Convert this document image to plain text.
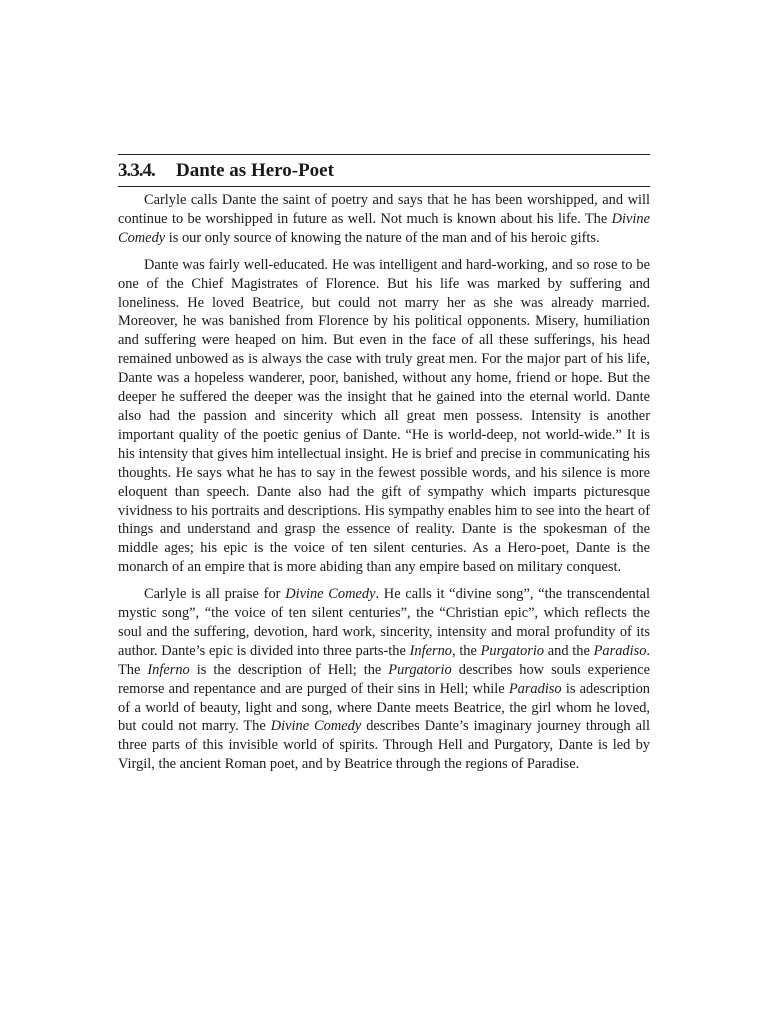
3.3.4.	Dante as Hero-Poet

Carlyle calls Dante the saint of poetry and says that he has been worshipped, and will continue to be worshipped in future as well. Not much is known about his life. The Divine Comedy is our only source of knowing the nature of the man and of his heroic gifts.

Dante was fairly well-educated. He was intelligent and hard-working, and so rose to be one of the Chief Magistrates of Florence. But his life was marked by suffering and loneliness. He loved Beatrice, but could not marry her as she was already married. Moreover, he was banished from Florence by his political opponents. Misery, humiliation and suffering were heaped on him. But even in the face of all these sufferings, his head remained unbowed as is always the case with truly great men. For the major part of his life, Dante was a hopeless wanderer, poor, banished, without any home, friend or hope. But the deeper he suffered the deeper was the insight that he gained into the eternal world. Dante also had the passion and sincerity which all great men possess. Intensity is another important quality of the poetic genius of Dante. “He is world-deep, not world-wide.” It is his intensity that gives him intellectual insight. He is brief and precise in communicating his thoughts. He says what he has to say in the fewest possible words, and his silence is more eloquent than speech. Dante also had the gift of sympathy which imparts picturesque vividness to his portraits and descriptions. His sympathy enables him to see into the heart of things and understand and grasp the essence of reality. Dante is the spokesman of the middle ages; his epic is the voice of ten silent centuries. As a Hero-poet, Dante is the monarch of an empire that is more abiding than any empire based on military conquest.

Carlyle is all praise for Divine Comedy. He calls it “divine song”, “the transcendental mystic song”, “the voice of ten silent centuries”, the “Christian epic”, which reflects the soul and the suffering, devotion, hard work, sincerity, intensity and moral profundity of its author. Dante’s epic is divided into three parts-the Inferno, the Purgatorio and the Paradiso. The Inferno is the description of Hell; the Purgatorio describes how souls experience remorse and repentance and are purged of their sins in Hell; while Paradiso is adescription of a world of beauty, light and song, where Dante meets Beatrice, the girl whom he loved, but could not marry. The Divine Comedy describes Dante’s imaginary journey through all three parts of this invisible world of spirits. Through Hell and Purgatory, Dante is led by Virgil, the ancient Roman poet, and by Beatrice through the regions of Paradise.
